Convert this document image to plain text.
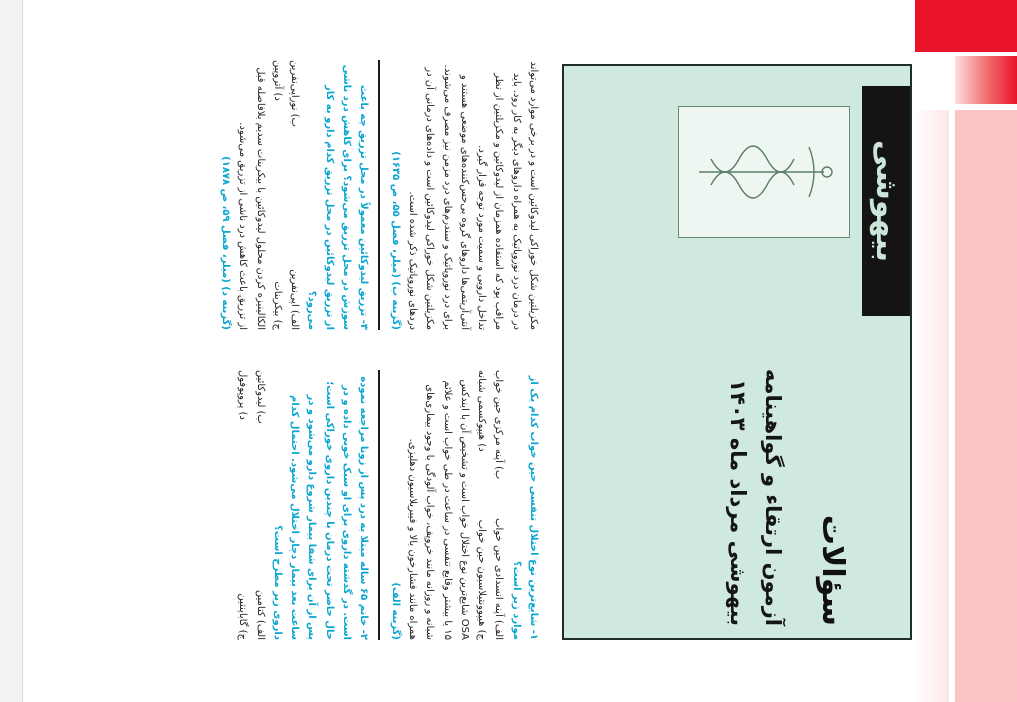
بیهوشی
سؤالات
آزمون ارتقاء و گواهینامه
بیهوشی مرداد ماه ۱۴۰۳
۱- شایع‌ترین نوع اختلال تنفسی حین خواب کدام یک از موارد زیر است؟
الف) آپنه انسدادی حین خواب
ب) آپنه مرکزی حین خواب
ج) هیپوونتیلاسیون حین خواب
د) هیپوکسمی شبانه
OSA شایع‌ترین نوع اختلال خواب است و تشخیص آن با ایندکس ۱۵ یا بیشتر وقایع تنفسی در ساعت در طی خواب است و علائم شبانه و روزانه مانند خروپف، خواب آلودگی با وجود بیماری‌های همراه مانند فشارخون بالا و فیبریلاسیون دهلیزی.
(گزینه الف)
۲- خانم ۶۵ ساله مبتلا به درد پس از زونا مراجعه نموده است. در گذشته داروی برای او سبک خوبی داده و در حال حاضر تحت درمان با چندین داروی خوراکی است؛ پس از آن برای شفا بیمار شروع دارو می‌شود و در ساعت بعد بیمار دچار اختلال می‌شود. احتمال کدام داروی زیر مطرح است؟
الف) کتامین
ب) لیدوکائین
ج) گاباپنتین
د) پروپوفول
مکزیلتین شکل خوراکی لیدوکائین است و در برخی موارد می‌تواند در درمان درد نوروپاتیک به همراه داروهای دیگر به کار رود. باید مراقب بود که استفاده همزمان از لیدوکائین و مکزیلتین از نظر تداخل دارویی و سمیت مورد توجه قرار گیرد.
آنتی‌آریتمی‌ها داروهای گروه بی‌حس‌کننده‌های موضعی هستند و برای درد نوروپاتیک و سندرم‌های درد مزمن نیز مصرف می‌شوند. مکزیلتین شکل خوراکی لیدوکائین است و داده‌های درمانی آن در دردهای نوروپاتیک ذکر شده است.
(گزینه ب) (میلر، فصل ۵۵، ص ۱۶۳۵)
۳- تزریق لیدوکائین معمولاً در محل تزریق چه باعث سوزش در محل تزریق می‌شود؟ برای کاهش درد ناشی از تزریق لیدوکائین در محل تزریق کدام دارو به کار می‌رود؟
الف) اپی‌نفرین
ب) نوراپی‌نفرین
ج) بیکربنات
د) آتروپین
الکالینیزه کردن محلول لیدوکائین با بیکربنات سدیم بلافاصله قبل از تزریق باعث کاهش درد ناشی از تزریق می‌شود.
(گزینه د) (میلر، فصل ۵۹، ص ۱۸۷۸)
